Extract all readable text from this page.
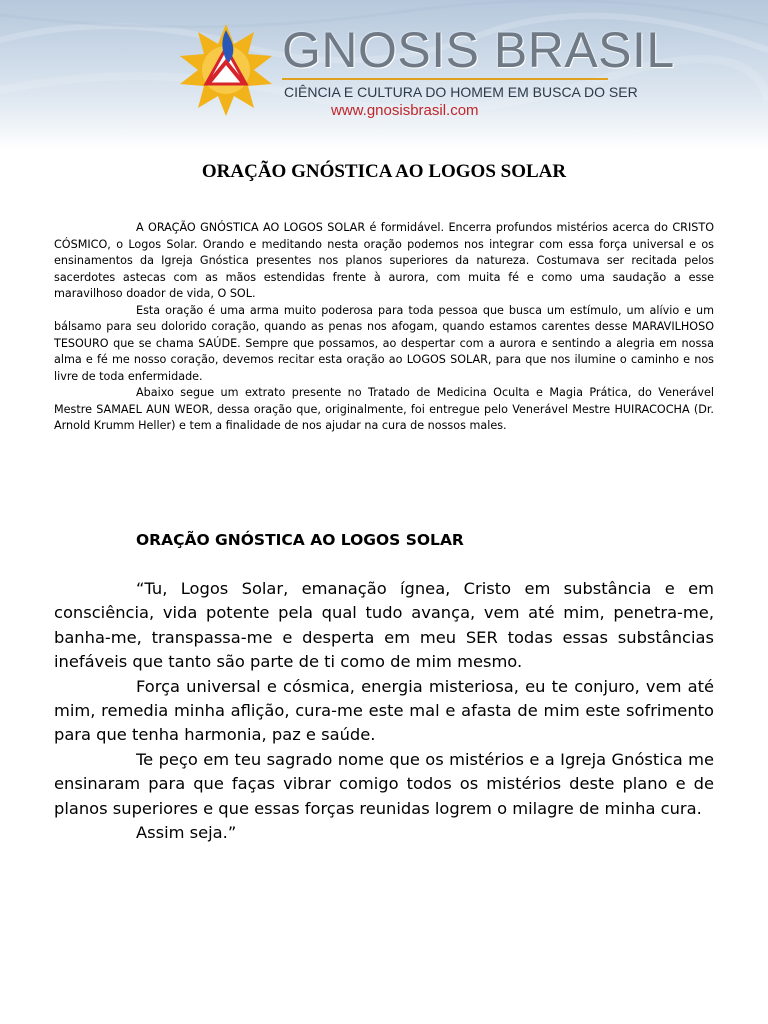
GNOSIS BRASIL
CIÊNCIA E CULTURA DO HOMEM EM BUSCA DO SER
www.gnosisbrasil.com
ORAÇÃO GNÓSTICA AO LOGOS SOLAR

A ORAÇÃO GNÓSTICA AO LOGOS SOLAR é formidável. Encerra profundos mistérios acerca do CRISTO CÓSMICO, o Logos Solar. Orando e meditando nesta oração podemos nos integrar com essa força universal e os ensinamentos da Igreja Gnóstica presentes nos planos superiores da natureza. Costumava ser recitada pelos sacerdotes astecas com as mãos estendidas frente à aurora, com muita fé e como uma saudação a esse maravilhoso doador de vida, O SOL.

Esta oração é uma arma muito poderosa para toda pessoa que busca um estímulo, um alívio e um bálsamo para seu dolorido coração, quando as penas nos afogam, quando estamos carentes desse MARAVILHOSO TESOURO que se chama SAÚDE. Sempre que possamos, ao despertar com a aurora e sentindo a alegria em nossa alma e fé me nosso coração, devemos recitar esta oração ao LOGOS SOLAR, para que nos ilumine o caminho e nos livre de toda enfermidade.

Abaixo segue um extrato presente no Tratado de Medicina Oculta e Magia Prática, do Venerável Mestre SAMAEL AUN WEOR, dessa oração que, originalmente, foi entregue pelo Venerável Mestre HUIRACOCHA (Dr. Arnold Krumm Heller) e tem a finalidade de nos ajudar na cura de nossos males.

ORAÇÃO GNÓSTICA AO LOGOS SOLAR

“Tu, Logos Solar, emanação ígnea, Cristo em substância e em consciência, vida potente pela qual tudo avança, vem até mim, penetra-me, banha-me, transpassa-me e desperta em meu SER todas essas substâncias inefáveis que tanto são parte de ti como de mim mesmo.

Força universal e cósmica, energia misteriosa, eu te conjuro, vem até mim, remedia minha aflição, cura-me este mal e afasta de mim este sofrimento para que tenha harmonia, paz e saúde.

Te peço em teu sagrado nome que os mistérios e a Igreja Gnóstica me ensinaram para que faças vibrar comigo todos os mistérios deste plano e de planos superiores e que essas forças reunidas logrem o milagre de minha cura.

Assim seja.”
